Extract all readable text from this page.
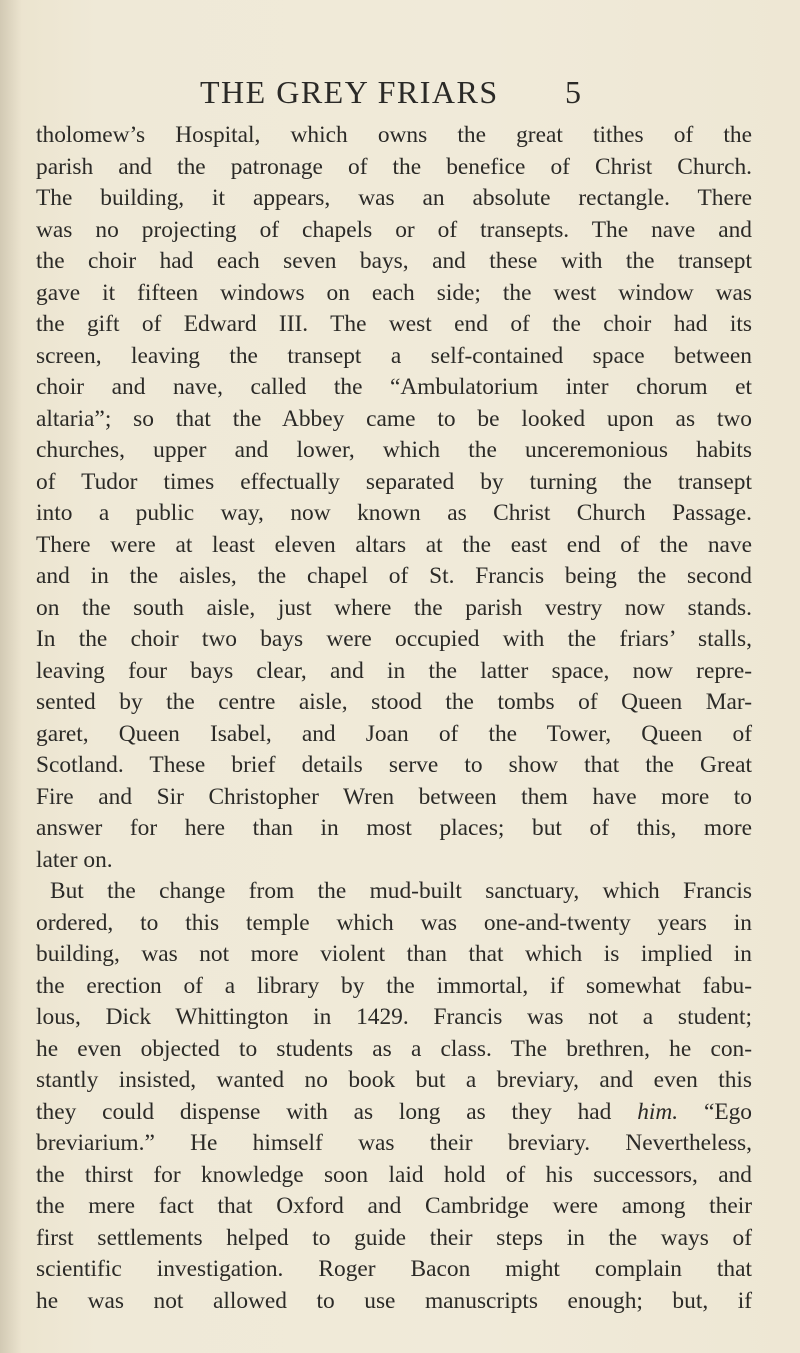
THE GREY FRIARS	5
tholomew’s Hospital, which owns the great tithes of the
parish and the patronage of the benefice of Christ Church.
The building, it appears, was an absolute rectangle. There
was no projecting of chapels or of transepts. The nave and
the choir had each seven bays, and these with the transept
gave it fifteen windows on each side; the west window was
the gift of Edward III. The west end of the choir had its
screen, leaving the transept a self-contained space between
choir and nave, called the “Ambulatorium inter chorum et
altaria”; so that the Abbey came to be looked upon as two
churches, upper and lower, which the unceremonious habits
of Tudor times effectually separated by turning the transept
into a public way, now known as Christ Church Passage.
There were at least eleven altars at the east end of the nave
and in the aisles, the chapel of St. Francis being the second
on the south aisle, just where the parish vestry now stands.
In the choir two bays were occupied with the friars’ stalls,
leaving four bays clear, and in the latter space, now repre-
sented by the centre aisle, stood the tombs of Queen Mar-
garet, Queen Isabel, and Joan of the Tower, Queen of
Scotland. These brief details serve to show that the Great
Fire and Sir Christopher Wren between them have more to
answer for here than in most places; but of this, more
later on.
But the change from the mud-built sanctuary, which Francis
ordered, to this temple which was one-and-twenty years in
building, was not more violent than that which is implied in
the erection of a library by the immortal, if somewhat fabu-
lous, Dick Whittington in 1429. Francis was not a student;
he even objected to students as a class. The brethren, he con-
stantly insisted, wanted no book but a breviary, and even this
they could dispense with as long as they had him. “Ego
breviarium.” He himself was their breviary. Nevertheless,
the thirst for knowledge soon laid hold of his successors, and
the mere fact that Oxford and Cambridge were among their
first settlements helped to guide their steps in the ways of
scientific investigation. Roger Bacon might complain that
he was not allowed to use manuscripts enough; but, if
